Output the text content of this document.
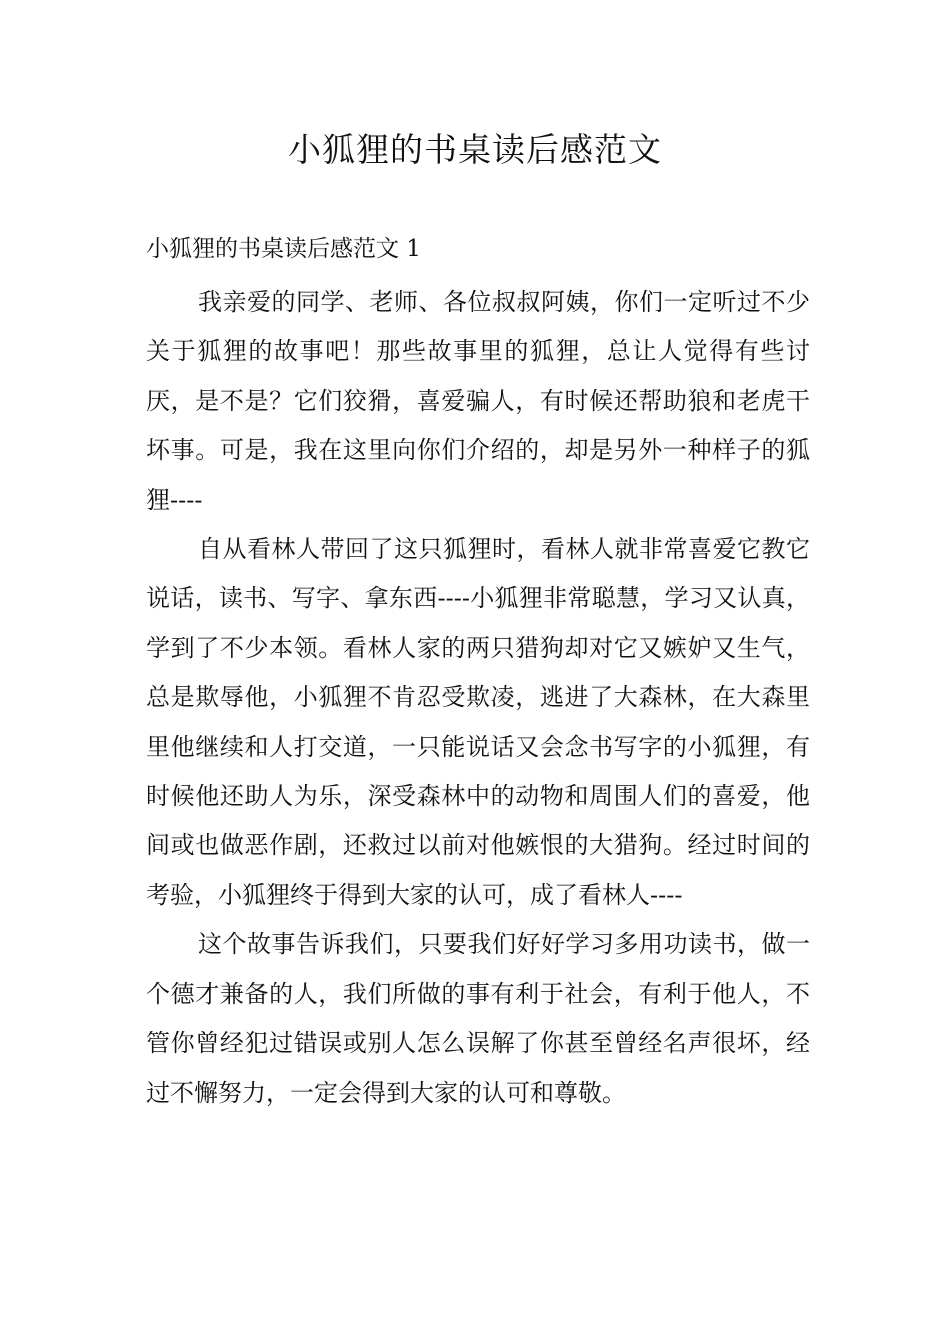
小狐狸的书桌读后感范文
小狐狸的书桌读后感范文 1

我亲爱的同学、老师、各位叔叔阿姨，你们一定听过不少关于狐狸的故事吧！那些故事里的狐狸，总让人觉得有些讨厌，是不是？它们狡猾，喜爱骗人，有时候还帮助狼和老虎干坏事。可是，我在这里向你们介绍的，却是另外一种样子的狐狸----

自从看林人带回了这只狐狸时，看林人就非常喜爱它教它说话，读书、写字、拿东西----小狐狸非常聪慧，学习又认真，学到了不少本领。看林人家的两只猎狗却对它又嫉妒又生气，总是欺辱他，小狐狸不肯忍受欺凌，逃进了大森林，在大森里里他继续和人打交道，一只能说话又会念书写字的小狐狸，有时候他还助人为乐，深受森林中的动物和周围人们的喜爱，他间或也做恶作剧，还救过以前对他嫉恨的大猎狗。经过时间的考验，小狐狸终于得到大家的认可，成了看林人----

这个故事告诉我们，只要我们好好学习多用功读书，做一个德才兼备的人，我们所做的事有利于社会，有利于他人，不管你曾经犯过错误或别人怎么误解了你甚至曾经名声很坏，经过不懈努力，一定会得到大家的认可和尊敬。
